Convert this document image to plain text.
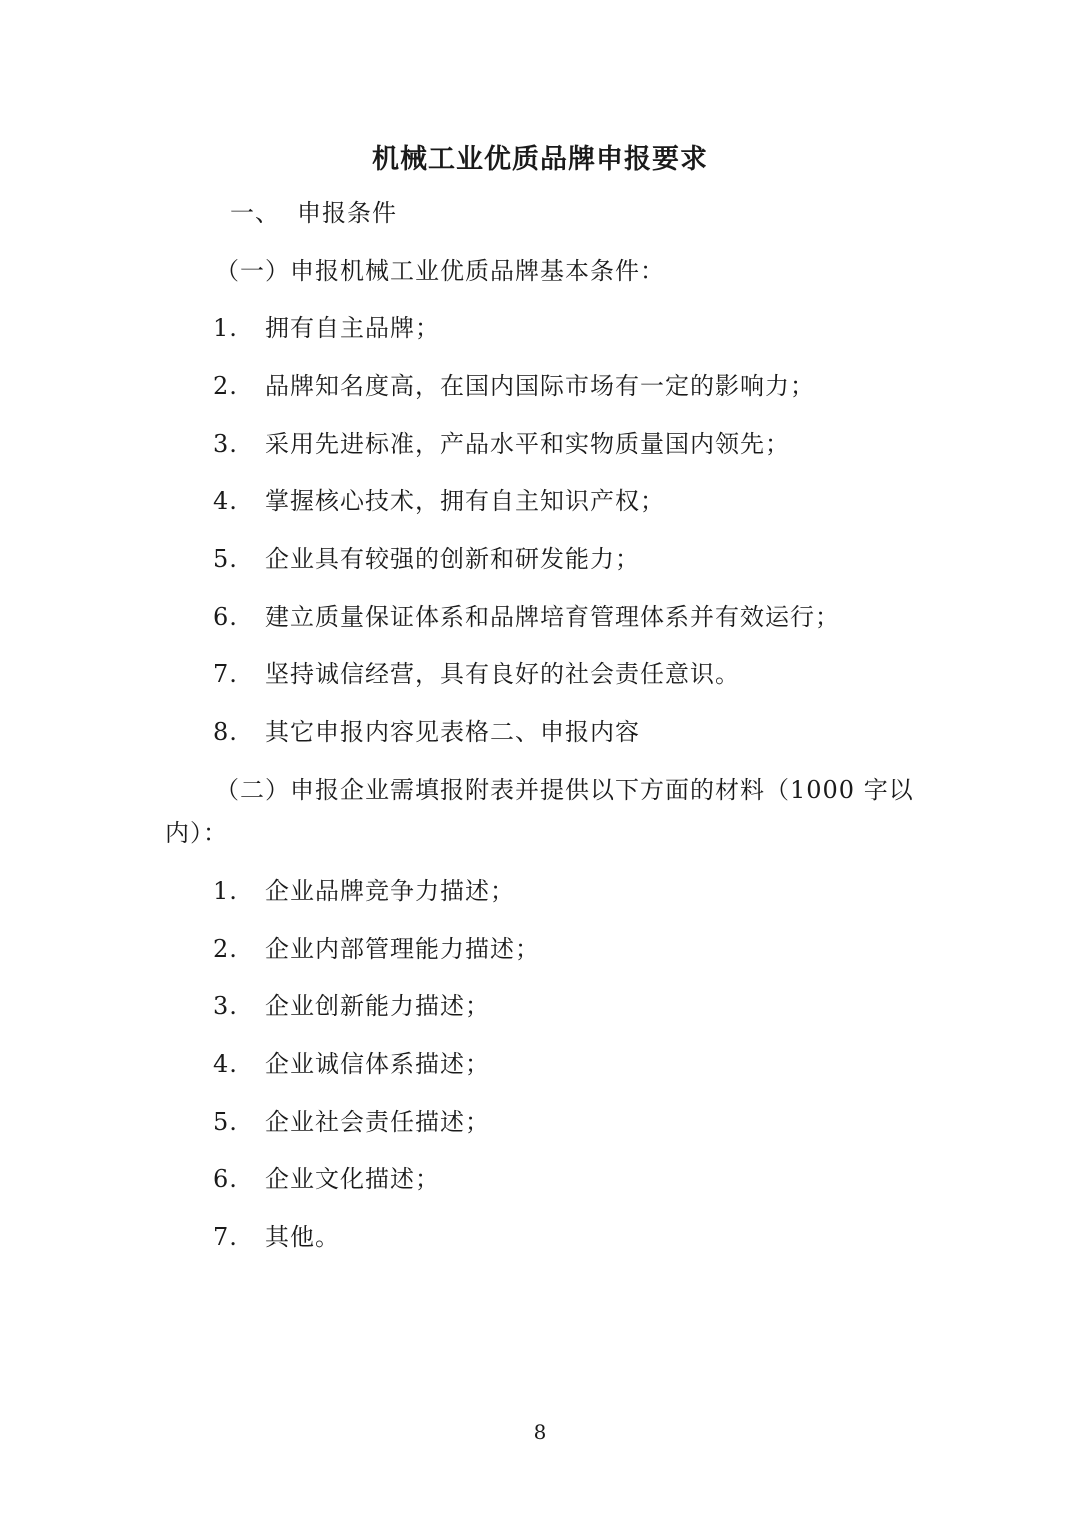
机械工业优质品牌申报要求
一、 申报条件
（一）申报机械工业优质品牌基本条件：
1.	拥有自主品牌；
2.	品牌知名度高，在国内国际市场有一定的影响力；
3.	采用先进标准，产品水平和实物质量国内领先；
4.	掌握核心技术，拥有自主知识产权；
5.	企业具有较强的创新和研发能力；
6.	建立质量保证体系和品牌培育管理体系并有效运行；
7.	坚持诚信经营，具有良好的社会责任意识。
8.	其它申报内容见表格二、申报内容
（二）申报企业需填报附表并提供以下方面的材料（1000 字以
内）：
1.	企业品牌竞争力描述；
2.	企业内部管理能力描述；
3.	企业创新能力描述；
4.	企业诚信体系描述；
5.	企业社会责任描述；
6.	企业文化描述；
7.	其他。
8
